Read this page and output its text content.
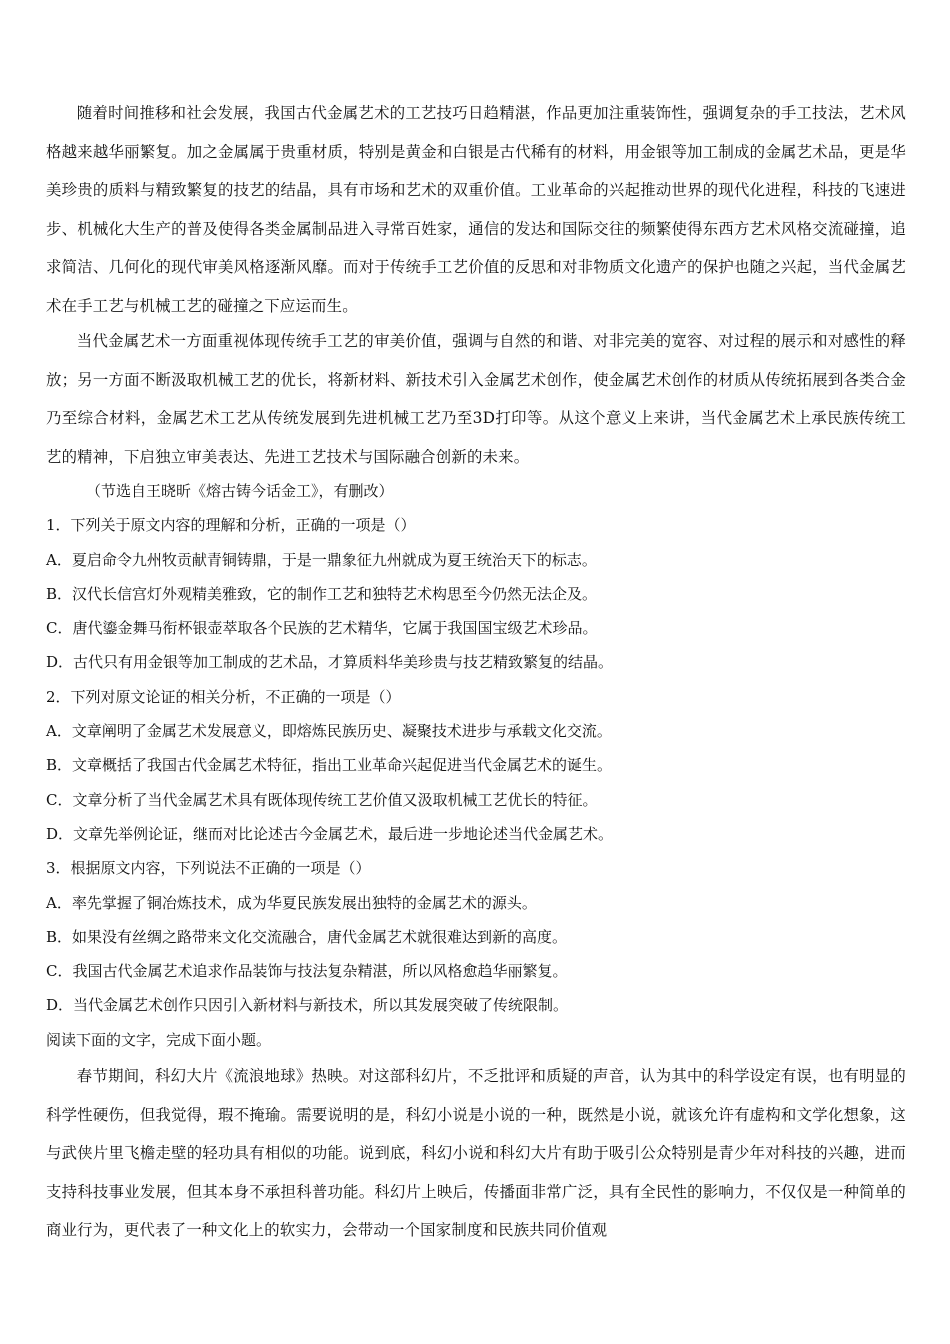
随着时间推移和社会发展，我国古代金属艺术的工艺技巧日趋精湛，作品更加注重装饰性，强调复杂的手工技法，艺术风格越来越华丽繁复。加之金属属于贵重材质，特别是黄金和白银是古代稀有的材料，用金银等加工制成的金属艺术品，更是华美珍贵的质料与精致繁复的技艺的结晶，具有市场和艺术的双重价值。工业革命的兴起推动世界的现代化进程，科技的飞速进步、机械化大生产的普及使得各类金属制品进入寻常百姓家，通信的发达和国际交往的频繁使得东西方艺术风格交流碰撞，追求简洁、几何化的现代审美风格逐渐风靡。而对于传统手工艺价值的反思和对非物质文化遗产的保护也随之兴起，当代金属艺术在手工艺与机械工艺的碰撞之下应运而生。

当代金属艺术一方面重视体现传统手工艺的审美价值，强调与自然的和谐、对非完美的宽容、对过程的展示和对感性的释放；另一方面不断汲取机械工艺的优长，将新材料、新技术引入金属艺术创作，使金属艺术创作的材质从传统拓展到各类合金乃至综合材料，金属艺术工艺从传统发展到先进机械工艺乃至3D打印等。从这个意义上来讲，当代金属艺术上承民族传统工艺的精神，下启独立审美表达、先进工艺技术与国际融合创新的未来。

（节选自王晓昕《熔古铸今话金工》，有删改）

1．下列关于原文内容的理解和分析，正确的一项是（）

A．夏启命令九州牧贡献青铜铸鼎，于是一鼎象征九州就成为夏王统治天下的标志。

B．汉代长信宫灯外观精美雅致，它的制作工艺和独特艺术构思至今仍然无法企及。

C．唐代鎏金舞马衔杯银壶萃取各个民族的艺术精华，它属于我国国宝级艺术珍品。

D．古代只有用金银等加工制成的艺术品，才算质料华美珍贵与技艺精致繁复的结晶。

2．下列对原文论证的相关分析，不正确的一项是（）

A．文章阐明了金属艺术发展意义，即熔炼民族历史、凝聚技术进步与承载文化交流。

B．文章概括了我国古代金属艺术特征，指出工业革命兴起促进当代金属艺术的诞生。

C．文章分析了当代金属艺术具有既体现传统工艺价值又汲取机械工艺优长的特征。

D．文章先举例论证，继而对比论述古今金属艺术，最后进一步地论述当代金属艺术。

3．根据原文内容，下列说法不正确的一项是（）

A．率先掌握了铜冶炼技术，成为华夏民族发展出独特的金属艺术的源头。

B．如果没有丝绸之路带来文化交流融合，唐代金属艺术就很难达到新的高度。

C．我国古代金属艺术追求作品装饰与技法复杂精湛，所以风格愈趋华丽繁复。

D．当代金属艺术创作只因引入新材料与新技术，所以其发展突破了传统限制。

阅读下面的文字，完成下面小题。

春节期间，科幻大片《流浪地球》热映。对这部科幻片，不乏批评和质疑的声音，认为其中的科学设定有误，也有明显的科学性硬伤，但我觉得，瑕不掩瑜。需要说明的是，科幻小说是小说的一种，既然是小说，就该允许有虚构和文学化想象，这与武侠片里飞檐走壁的轻功具有相似的功能。说到底，科幻小说和科幻大片有助于吸引公众特别是青少年对科技的兴趣，进而支持科技事业发展，但其本身不承担科普功能。科幻片上映后，传播面非常广泛，具有全民性的影响力，不仅仅是一种简单的商业行为，更代表了一种文化上的软实力，会带动一个国家制度和民族共同价值观
